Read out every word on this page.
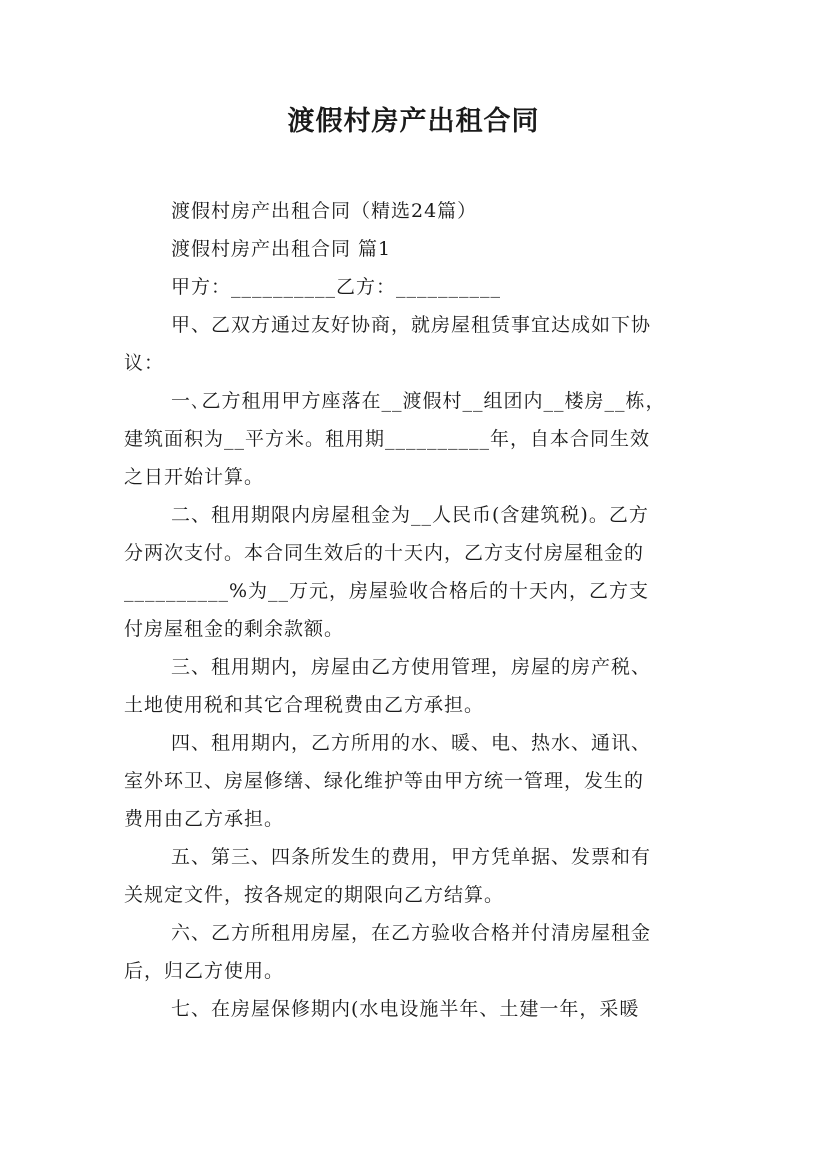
渡假村房产出租合同
渡假村房产出租合同（精选24篇）
渡假村房产出租合同 篇1
甲方：__________乙方：__________
甲、乙双方通过友好协商，就房屋租赁事宜达成如下协
议：
一､乙方租用甲方座落在__渡假村__组团内__楼房__栋，
建筑面积为__平方米。租用期__________年，自本合同生效
之日开始计算。
二、租用期限内房屋租金为__人民币(含建筑税)。乙方
分两次支付。本合同生效后的十天内，乙方支付房屋租金的
__________%为__万元，房屋验收合格后的十天内，乙方支
付房屋租金的剩余款额。
三、租用期内，房屋由乙方使用管理，房屋的房产税、
土地使用税和其它合理税费由乙方承担。
四、租用期内，乙方所用的水、暖、电、热水、通讯、
室外环卫、房屋修缮、绿化维护等由甲方统一管理，发生的
费用由乙方承担。
五、第三、四条所发生的费用，甲方凭单据、发票和有
关规定文件，按各规定的期限向乙方结算。
六、乙方所租用房屋，在乙方验收合格并付清房屋租金
后，归乙方使用。
七、在房屋保修期内(水电设施半年、土建一年，采暖
